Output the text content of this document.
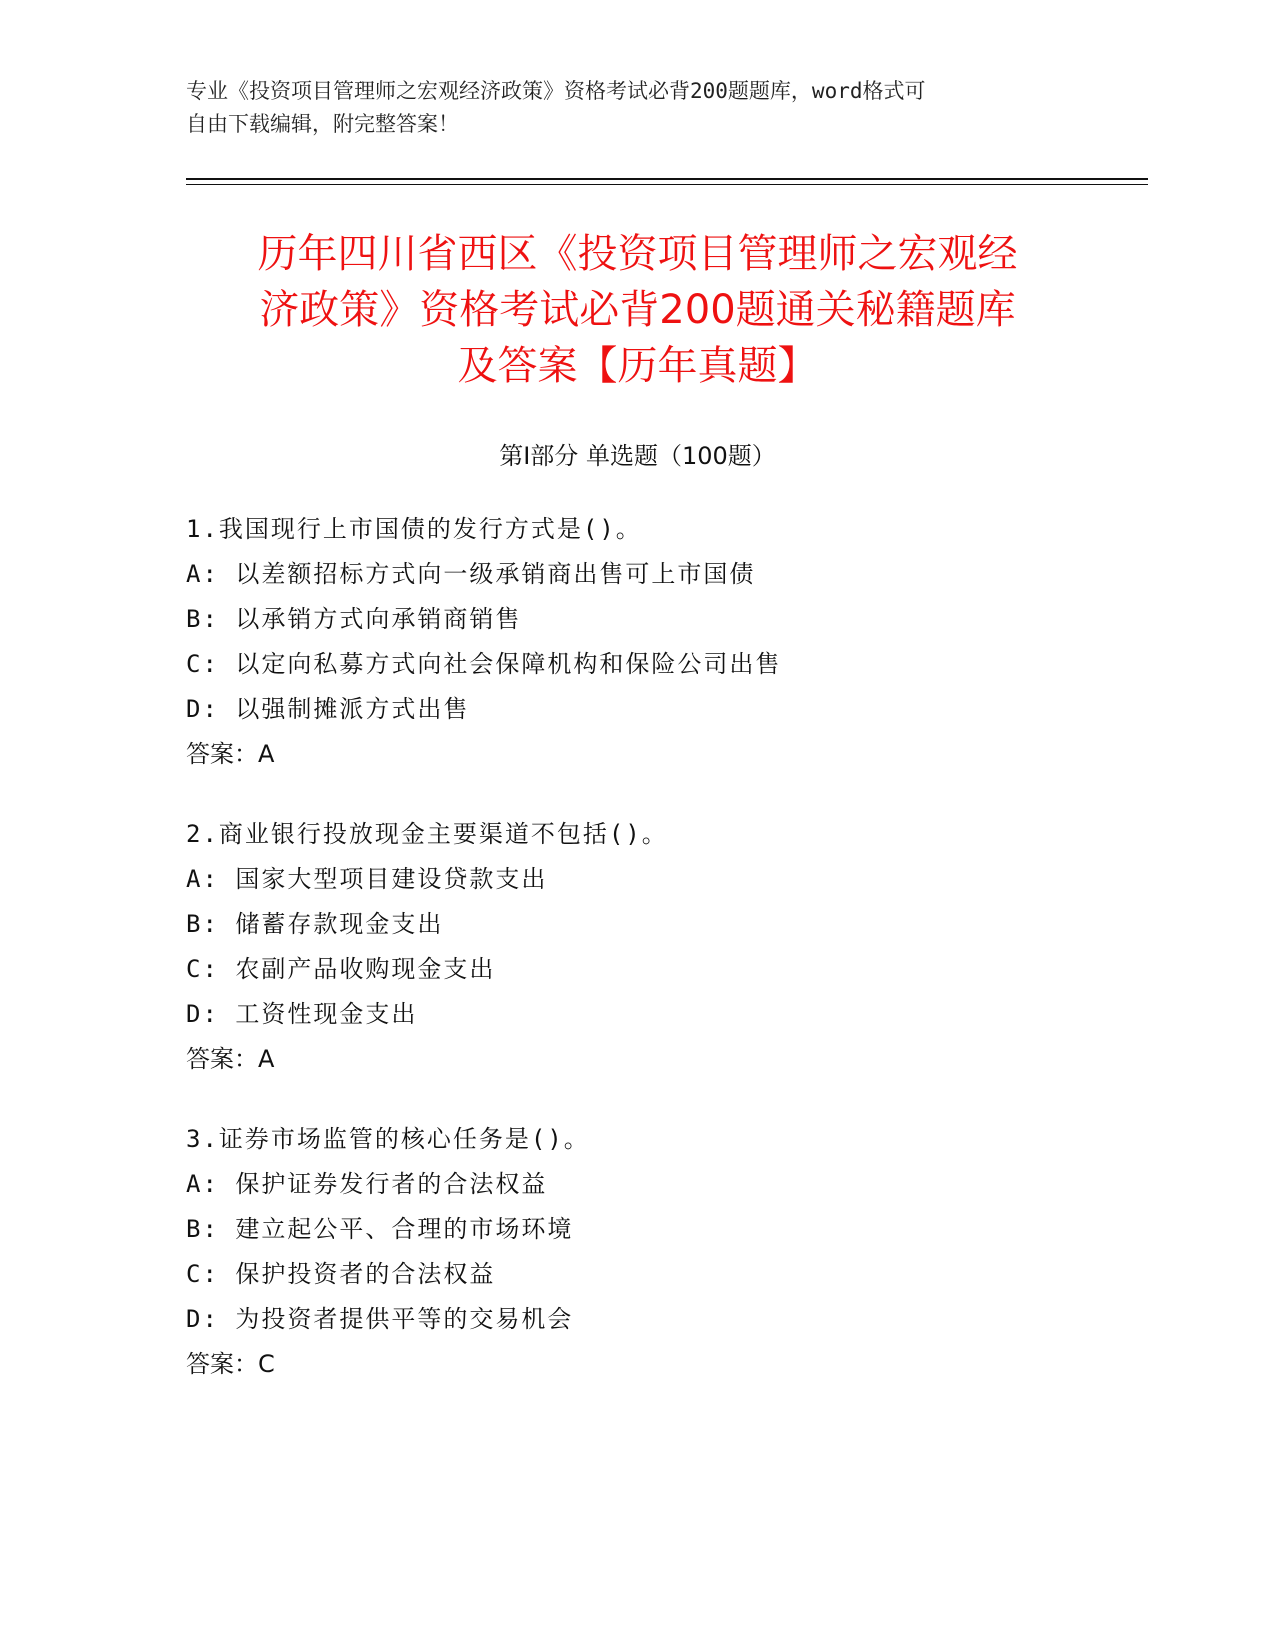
专业《投资项目管理师之宏观经济政策》资格考试必背200题题库，word格式可
自由下载编辑，附完整答案！
历年四川省西区《投资项目管理师之宏观经
济政策》资格考试必背200题通关秘籍题库
及答案【历年真题】
第Ⅰ部分 单选题（100题）
1.我国现行上市国债的发行方式是()。
A: 以差额招标方式向一级承销商出售可上市国债
B: 以承销方式向承销商销售
C: 以定向私募方式向社会保障机构和保险公司出售
D: 以强制摊派方式出售
答案：A
2.商业银行投放现金主要渠道不包括()。
A: 国家大型项目建设贷款支出
B: 储蓄存款现金支出
C: 农副产品收购现金支出
D: 工资性现金支出
答案：A
3.证券市场监管的核心任务是()。
A: 保护证券发行者的合法权益
B: 建立起公平、合理的市场环境
C: 保护投资者的合法权益
D: 为投资者提供平等的交易机会
答案：C
